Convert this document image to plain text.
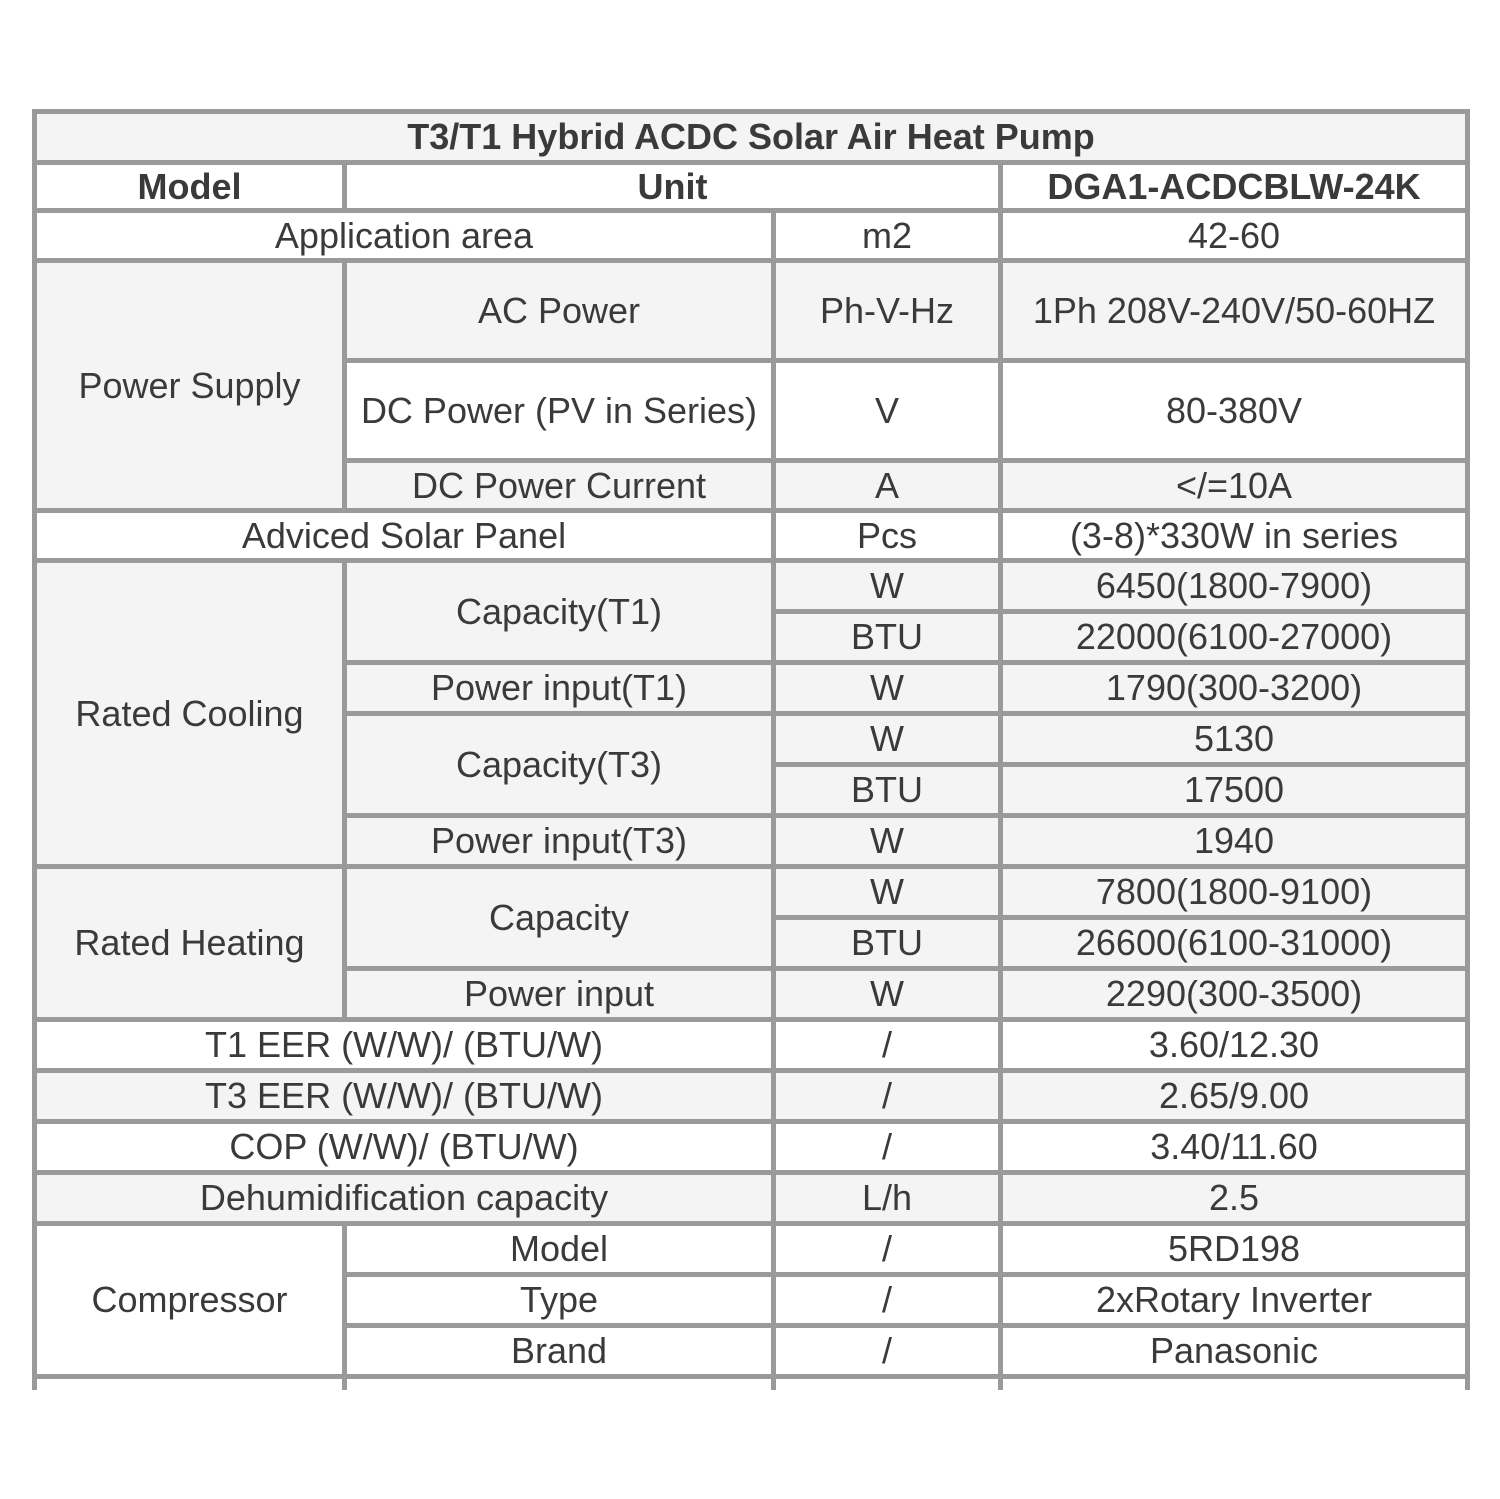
T3/T1 Hybrid ACDC Solar Air Heat Pump			
Model	Unit		DGA1-ACDCBLW-24K
Application area		m2	42-60
Power Supply	AC Power	Ph-V-Hz	1Ph 208V-240V/50-60HZ
	DC Power (PV in Series)	V	80-380V
	DC Power Current	A	</=10A
Adviced Solar Panel		Pcs	(3-8)*330W in series
Rated Cooling	Capacity(T1)	W	6450(1800-7900)
		BTU	22000(6100-27000)
	Power input(T1)	W	1790(300-3200)
	Capacity(T3)	W	5130
		BTU	17500
	Power input(T3)	W	1940
Rated Heating	Capacity	W	7800(1800-9100)
		BTU	26600(6100-31000)
	Power input	W	2290(300-3500)
T1 EER (W/W)/ (BTU/W)		/	3.60/12.30
T3 EER (W/W)/ (BTU/W)		/	2.65/9.00
COP (W/W)/ (BTU/W)		/	3.40/11.60
Dehumidification capacity		L/h	2.5
Compressor	Model	/	5RD198
	Type	/	2xRotary Inverter
	Brand	/	Panasonic
